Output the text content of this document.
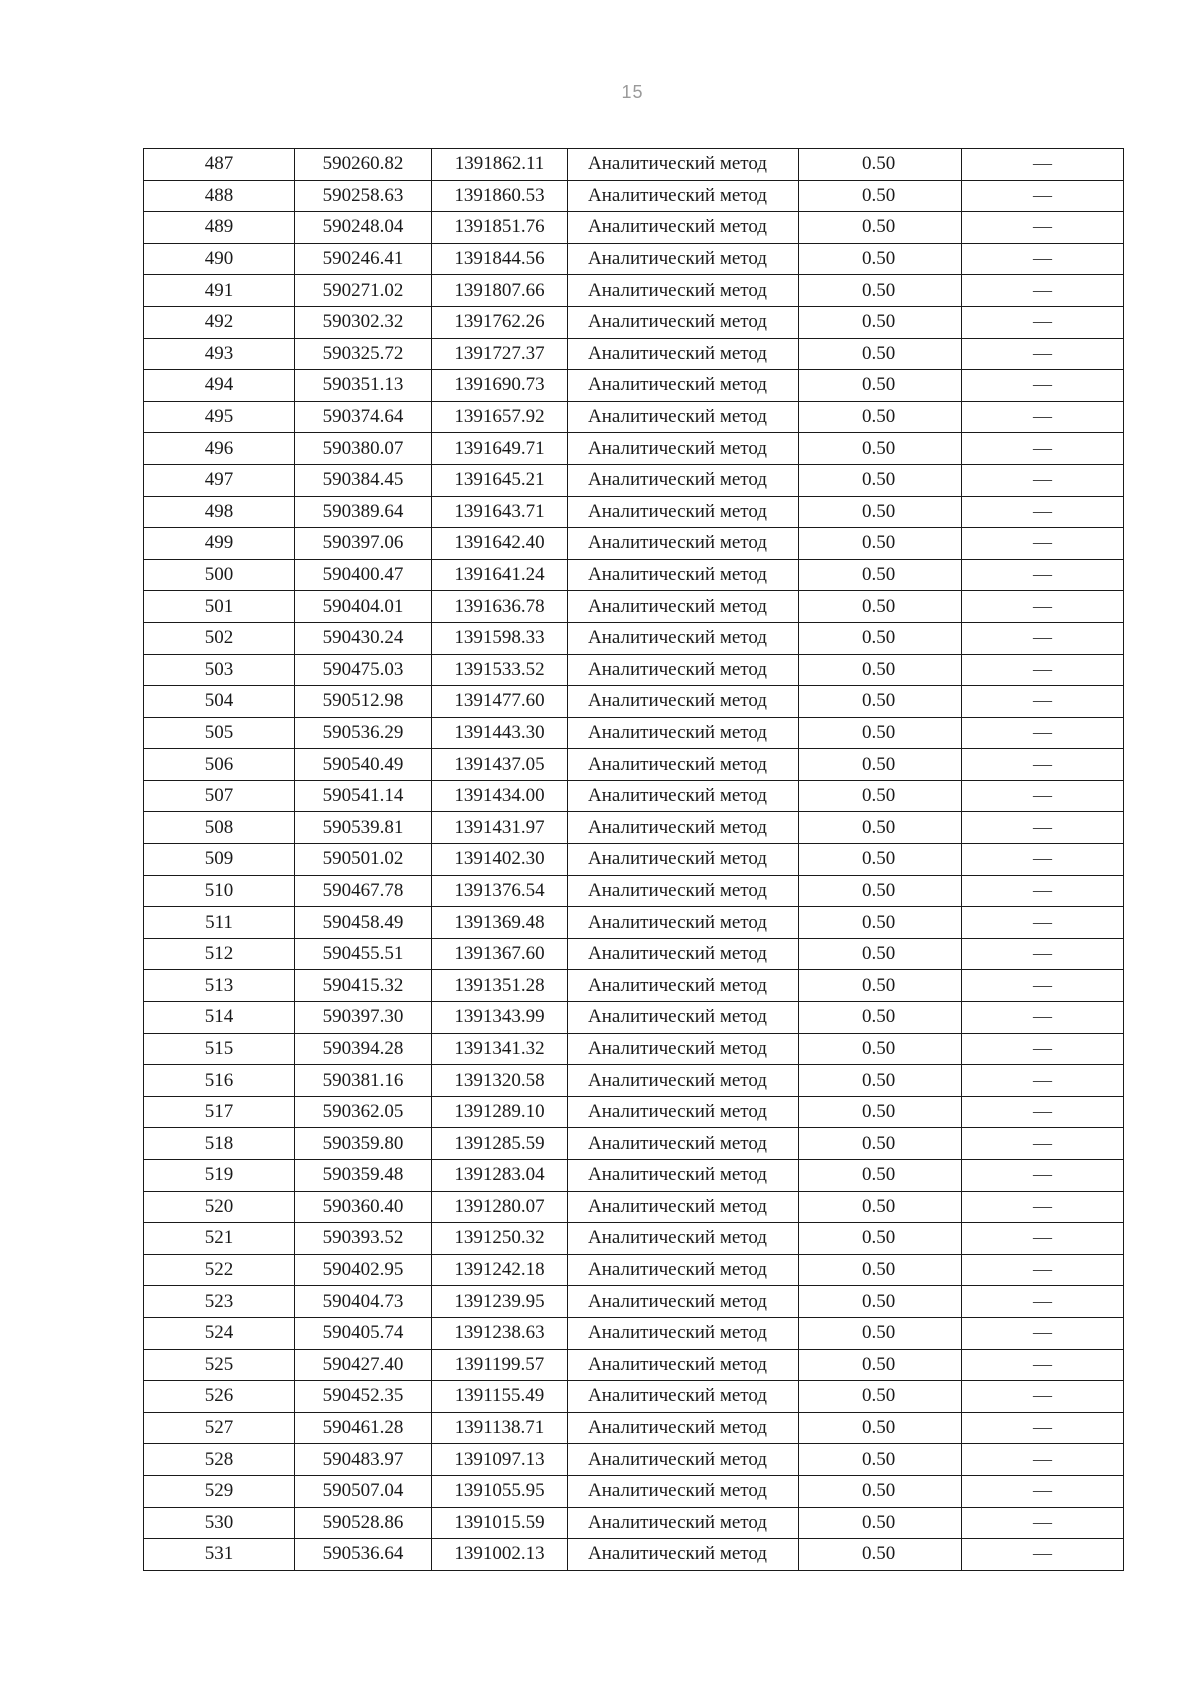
15
487	590260.82	1391862.11	Аналитический метод	0.50	—
488	590258.63	1391860.53	Аналитический метод	0.50	—
489	590248.04	1391851.76	Аналитический метод	0.50	—
490	590246.41	1391844.56	Аналитический метод	0.50	—
491	590271.02	1391807.66	Аналитический метод	0.50	—
492	590302.32	1391762.26	Аналитический метод	0.50	—
493	590325.72	1391727.37	Аналитический метод	0.50	—
494	590351.13	1391690.73	Аналитический метод	0.50	—
495	590374.64	1391657.92	Аналитический метод	0.50	—
496	590380.07	1391649.71	Аналитический метод	0.50	—
497	590384.45	1391645.21	Аналитический метод	0.50	—
498	590389.64	1391643.71	Аналитический метод	0.50	—
499	590397.06	1391642.40	Аналитический метод	0.50	—
500	590400.47	1391641.24	Аналитический метод	0.50	—
501	590404.01	1391636.78	Аналитический метод	0.50	—
502	590430.24	1391598.33	Аналитический метод	0.50	—
503	590475.03	1391533.52	Аналитический метод	0.50	—
504	590512.98	1391477.60	Аналитический метод	0.50	—
505	590536.29	1391443.30	Аналитический метод	0.50	—
506	590540.49	1391437.05	Аналитический метод	0.50	—
507	590541.14	1391434.00	Аналитический метод	0.50	—
508	590539.81	1391431.97	Аналитический метод	0.50	—
509	590501.02	1391402.30	Аналитический метод	0.50	—
510	590467.78	1391376.54	Аналитический метод	0.50	—
511	590458.49	1391369.48	Аналитический метод	0.50	—
512	590455.51	1391367.60	Аналитический метод	0.50	—
513	590415.32	1391351.28	Аналитический метод	0.50	—
514	590397.30	1391343.99	Аналитический метод	0.50	—
515	590394.28	1391341.32	Аналитический метод	0.50	—
516	590381.16	1391320.58	Аналитический метод	0.50	—
517	590362.05	1391289.10	Аналитический метод	0.50	—
518	590359.80	1391285.59	Аналитический метод	0.50	—
519	590359.48	1391283.04	Аналитический метод	0.50	—
520	590360.40	1391280.07	Аналитический метод	0.50	—
521	590393.52	1391250.32	Аналитический метод	0.50	—
522	590402.95	1391242.18	Аналитический метод	0.50	—
523	590404.73	1391239.95	Аналитический метод	0.50	—
524	590405.74	1391238.63	Аналитический метод	0.50	—
525	590427.40	1391199.57	Аналитический метод	0.50	—
526	590452.35	1391155.49	Аналитический метод	0.50	—
527	590461.28	1391138.71	Аналитический метод	0.50	—
528	590483.97	1391097.13	Аналитический метод	0.50	—
529	590507.04	1391055.95	Аналитический метод	0.50	—
530	590528.86	1391015.59	Аналитический метод	0.50	—
531	590536.64	1391002.13	Аналитический метод	0.50	—
